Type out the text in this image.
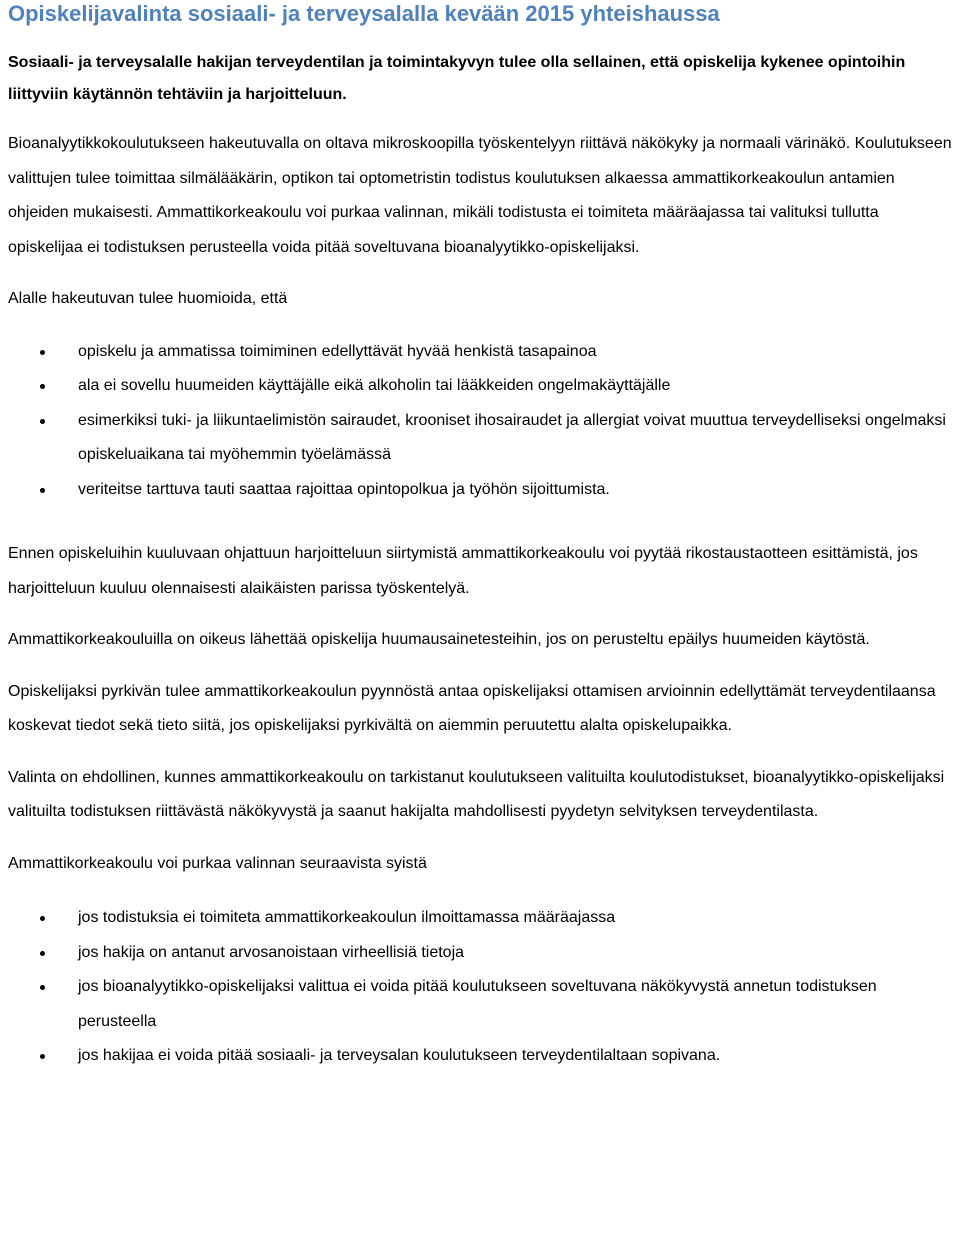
Opiskelijavalinta sosiaali- ja terveysalalla kevään 2015 yhteishaussa

Sosiaali- ja terveysalalle hakijan terveydentilan ja toimintakyvyn tulee olla sellainen, että opiskelija kykenee opintoihin liittyviin käytännön tehtäviin ja harjoitteluun.

Bioanalyytikkokoulutukseen hakeutuvalla on oltava mikroskoopilla työskentelyyn riittävä näkökyky ja normaali värinäkö. Koulutukseen valittujen tulee toimittaa silmälääkärin, optikon tai optometristin todistus koulutuksen alkaessa ammattikorkeakoulun antamien ohjeiden mukaisesti. Ammattikorkeakoulu voi purkaa valinnan, mikäli todistusta ei toimiteta määräajassa tai valituksi tullutta opiskelijaa ei todistuksen perusteella voida pitää soveltuvana bioanalyytikko-opiskelijaksi.

Alalle hakeutuvan tulee huomioida, että

opiskelu ja ammatissa toimiminen edellyttävät hyvää henkistä tasapainoa
ala ei sovellu huumeiden käyttäjälle eikä alkoholin tai lääkkeiden ongelmakäyttäjälle
esimerkiksi tuki- ja liikuntaelimistön sairaudet, krooniset ihosairaudet ja allergiat voivat muuttua terveydelliseksi ongelmaksi opiskeluaikana tai myöhemmin työelämässä
veriteitse tarttuva tauti saattaa rajoittaa opintopolkua ja työhön sijoittumista.

Ennen opiskeluihin kuuluvaan ohjattuun harjoitteluun siirtymistä ammattikorkeakoulu voi pyytää rikostaustaotteen esittämistä, jos harjoitteluun kuuluu olennaisesti alaikäisten parissa työskentelyä.

Ammattikorkeakouluilla on oikeus lähettää opiskelija huumausainetesteihin, jos on perusteltu epäilys huumeiden käytöstä.

Opiskelijaksi pyrkivän tulee ammattikorkeakoulun pyynnöstä antaa opiskelijaksi ottamisen arvioinnin edellyttämät terveydentilaansa koskevat tiedot sekä tieto siitä, jos opiskelijaksi pyrkivältä on aiemmin peruutettu alalta opiskelupaikka.

Valinta on ehdollinen, kunnes ammattikorkeakoulu on tarkistanut koulutukseen valituilta koulutodistukset, bioanalyytikko-opiskelijaksi valituilta todistuksen riittävästä näkökyvystä ja saanut hakijalta mahdollisesti pyydetyn selvityksen terveydentilasta.

Ammattikorkeakoulu voi purkaa valinnan seuraavista syistä

jos todistuksia ei toimiteta ammattikorkeakoulun ilmoittamassa määräajassa
jos hakija on antanut arvosanoistaan virheellisiä tietoja
jos bioanalyytikko-opiskelijaksi valittua ei voida pitää koulutukseen soveltuvana näkökyvystä annetun todistuksen perusteella
jos hakijaa ei voida pitää sosiaali- ja terveysalan koulutukseen terveydentilaltaan sopivana.
